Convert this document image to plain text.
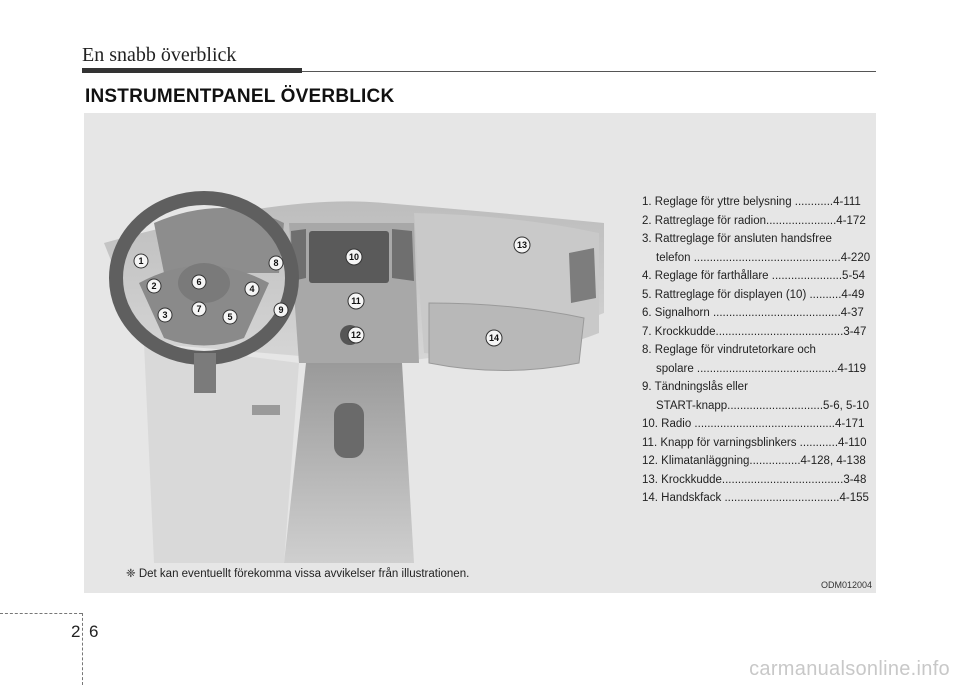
En snabb överblick
INSTRUMENTPANEL ÖVERBLICK
1
2
3
4
5
6
7
8
9
10
11
12
13
14
1. Reglage för yttre belysning ............4-111
2. Rattreglage för radion......................4-172
3. Rattreglage för ansluten handsfree
telefon ..............................................4-220
4. Reglage för farthållare ......................5-54
5. Rattreglage för displayen (10) ..........4-49
6. Signalhorn ........................................4-37
7. Krockkudde........................................3-47
8. Reglage för vindrutetorkare och
spolare ............................................4-119
9. Tändningslås eller
START-knapp..............................5-6, 5-10
10. Radio ............................................4-171
11. Knapp för varningsblinkers ............4-110
12. Klimatanläggning................4-128, 4-138
13. Krockkudde......................................3-48
14. Handskfack ....................................4-155
❈ Det kan eventuellt förekomma vissa avvikelser från illustrationen.
ODM012004
2 6
carmanualsonline.info
